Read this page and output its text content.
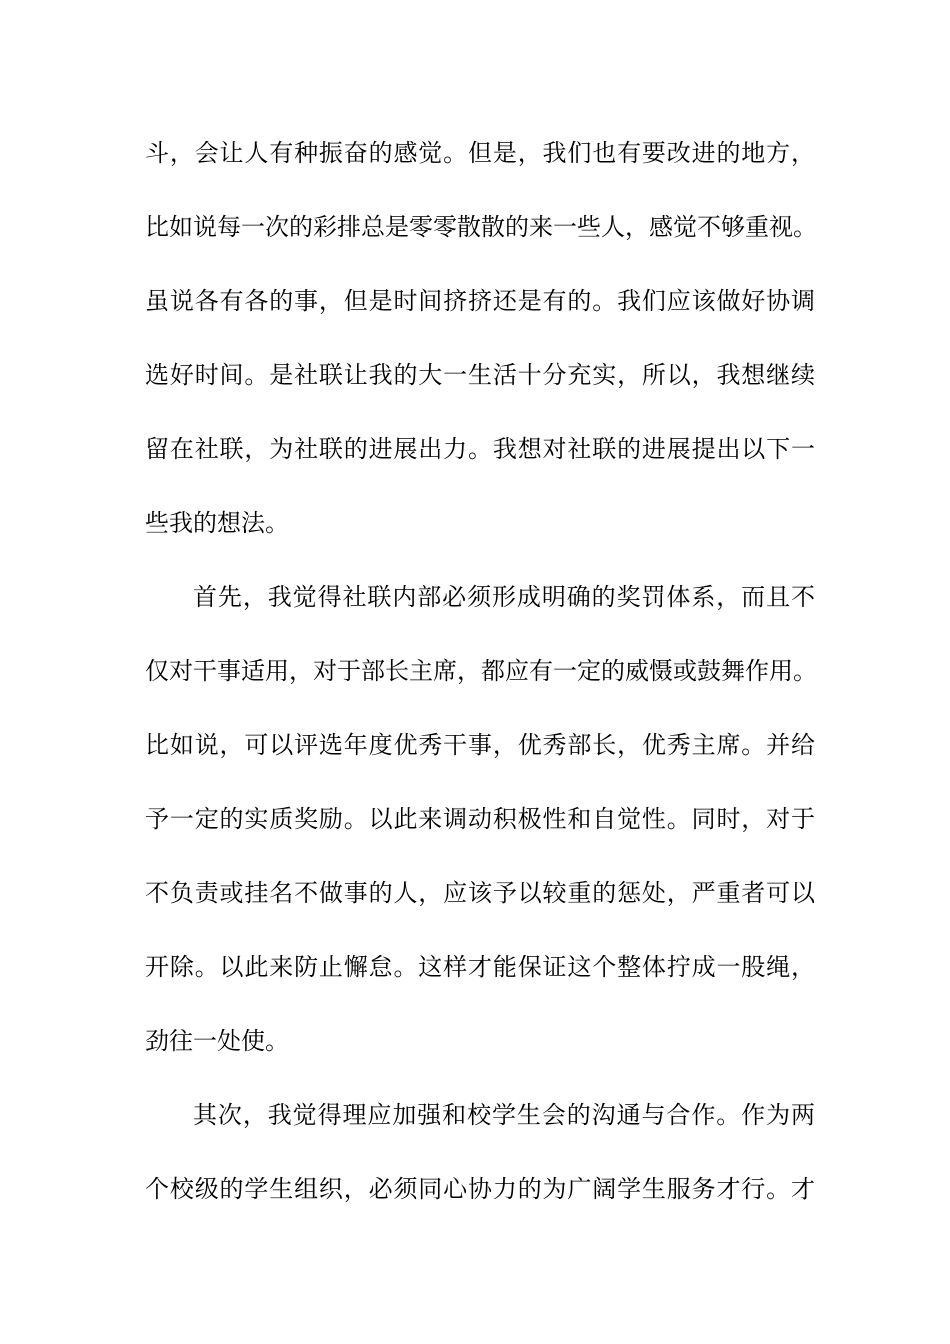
斗，会让人有种振奋的感觉。但是，我们也有要改进的地方，
比如说每一次的彩排总是零零散散的来一些人，感觉不够重视。
虽说各有各的事，但是时间挤挤还是有的。我们应该做好协调
选好时间。是社联让我的大一生活十分充实，所以，我想继续
留在社联，为社联的进展出力。我想对社联的进展提出以下一
些我的想法。
首先，我觉得社联内部必须形成明确的奖罚体系，而且不
仅对干事适用，对于部长主席，都应有一定的威慑或鼓舞作用。
比如说，可以评选年度优秀干事，优秀部长，优秀主席。并给
予一定的实质奖励。以此来调动积极性和自觉性。同时，对于
不负责或挂名不做事的人，应该予以较重的惩处，严重者可以
开除。以此来防止懈怠。这样才能保证这个整体拧成一股绳，
劲往一处使。
其次，我觉得理应加强和校学生会的沟通与合作。作为两
个校级的学生组织，必须同心协力的为广阔学生服务才行。才
